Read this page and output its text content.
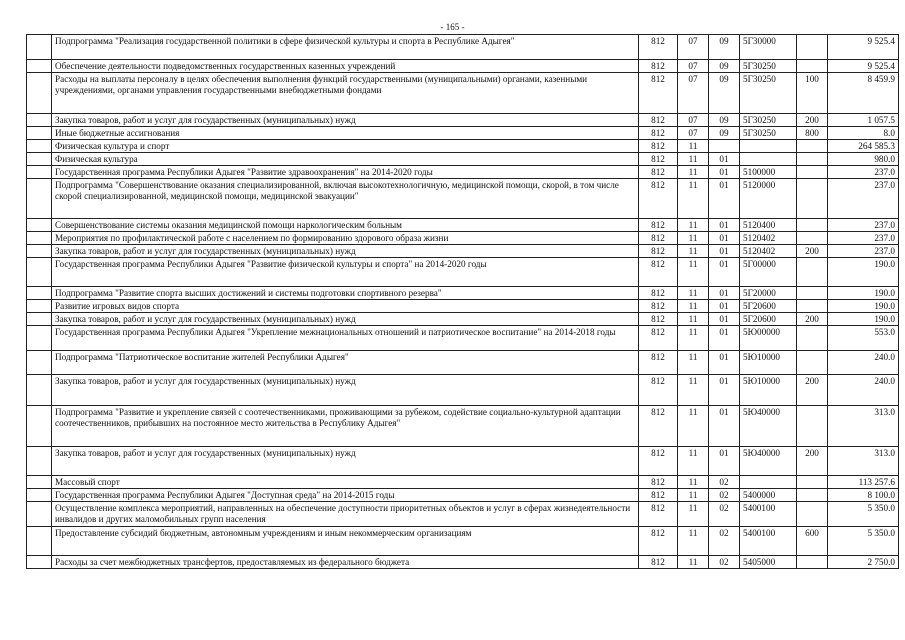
- 165 -
	Подпрограмма "Реализация государственной политики в сфере физической культуры и спорта в Республике Адыгея"	812	07	09	5Г30000		9 525.4
	Обеспечение деятельности подведомственных государственных казенных учреждений	812	07	09	5Г30250		9 525.4
	Расходы на выплаты персоналу в целях обеспечения выполнения функций государственными (муниципальными) органами, казенными учреждениями, органами управления государственными внебюджетными фондами	812	07	09	5Г30250	100	8 459.9
	Закупка товаров, работ и услуг для государственных (муниципальных) нужд	812	07	09	5Г30250	200	1 057.5
	Иные бюджетные ассигнования	812	07	09	5Г30250	800	8.0
	Физическая культура и спорт	812	11				264 585.3
	Физическая культура	812	11	01			980.0
	Государственная программа Республики Адыгея "Развитие здравоохранения" на 2014-2020 годы	812	11	01	5100000		237.0
	Подпрограмма "Совершенствование оказания специализированной, включая высокотехнологичную, медицинской помощи, скорой, в том числе скорой специализированной, медицинской помощи, медицинской эвакуации"	812	11	01	5120000		237.0
	Совершенствование системы оказания медицинской помощи наркологическим больным	812	11	01	5120400		237.0
	Мероприятия по профилактической работе с населением по формированию здорового образа жизни	812	11	01	5120402		237.0
	Закупка товаров, работ и услуг для государственных (муниципальных) нужд	812	11	01	5120402	200	237.0
	Государственная программа Республики Адыгея "Развитие физической культуры и спорта" на 2014-2020 годы	812	11	01	5Г00000		190.0
	Подпрограмма "Развитие спорта высших достижений и системы подготовки спортивного резерва"	812	11	01	5Г20000		190.0
	Развитие игровых видов спорта	812	11	01	5Г20600		190.0
	Закупка товаров, работ и услуг для государственных (муниципальных) нужд	812	11	01	5Г20600	200	190.0
	Государственная программа Республики Адыгея "Укрепление межнациональных отношений и патриотическое воспитание" на 2014-2018 годы	812	11	01	5Ю00000		553.0
	Подпрограмма "Патриотическое воспитание жителей Республики Адыгея"	812	11	01	5Ю10000		240.0
	Закупка товаров, работ и услуг для государственных (муниципальных) нужд	812	11	01	5Ю10000	200	240.0
	Подпрограмма "Развитие и укрепление связей с соотечественниками, проживающими за рубежом, содействие социально-культурной адаптации соотечественников, прибывших на постоянное место жительства в Республику Адыгея"	812	11	01	5Ю40000		313.0
	Закупка товаров, работ и услуг для государственных (муниципальных) нужд	812	11	01	5Ю40000	200	313.0
	Массовый спорт	812	11	02			113 257.6
	Государственная программа Республики Адыгея "Доступная среда" на 2014-2015 годы	812	11	02	5400000		8 100.0
	Осуществление комплекса мероприятий, направленных на обеспечение доступности приоритетных объектов и услуг в сферах жизнедеятельности инвалидов и других маломобильных групп населения	812	11	02	5400100		5 350.0
	Предоставление субсидий бюджетным, автономным учреждениям и иным некоммерческим организациям	812	11	02	5400100	600	5 350.0
	Расходы за счет межбюджетных трансфертов, предоставляемых из федерального бюджета	812	11	02	5405000		2 750.0
